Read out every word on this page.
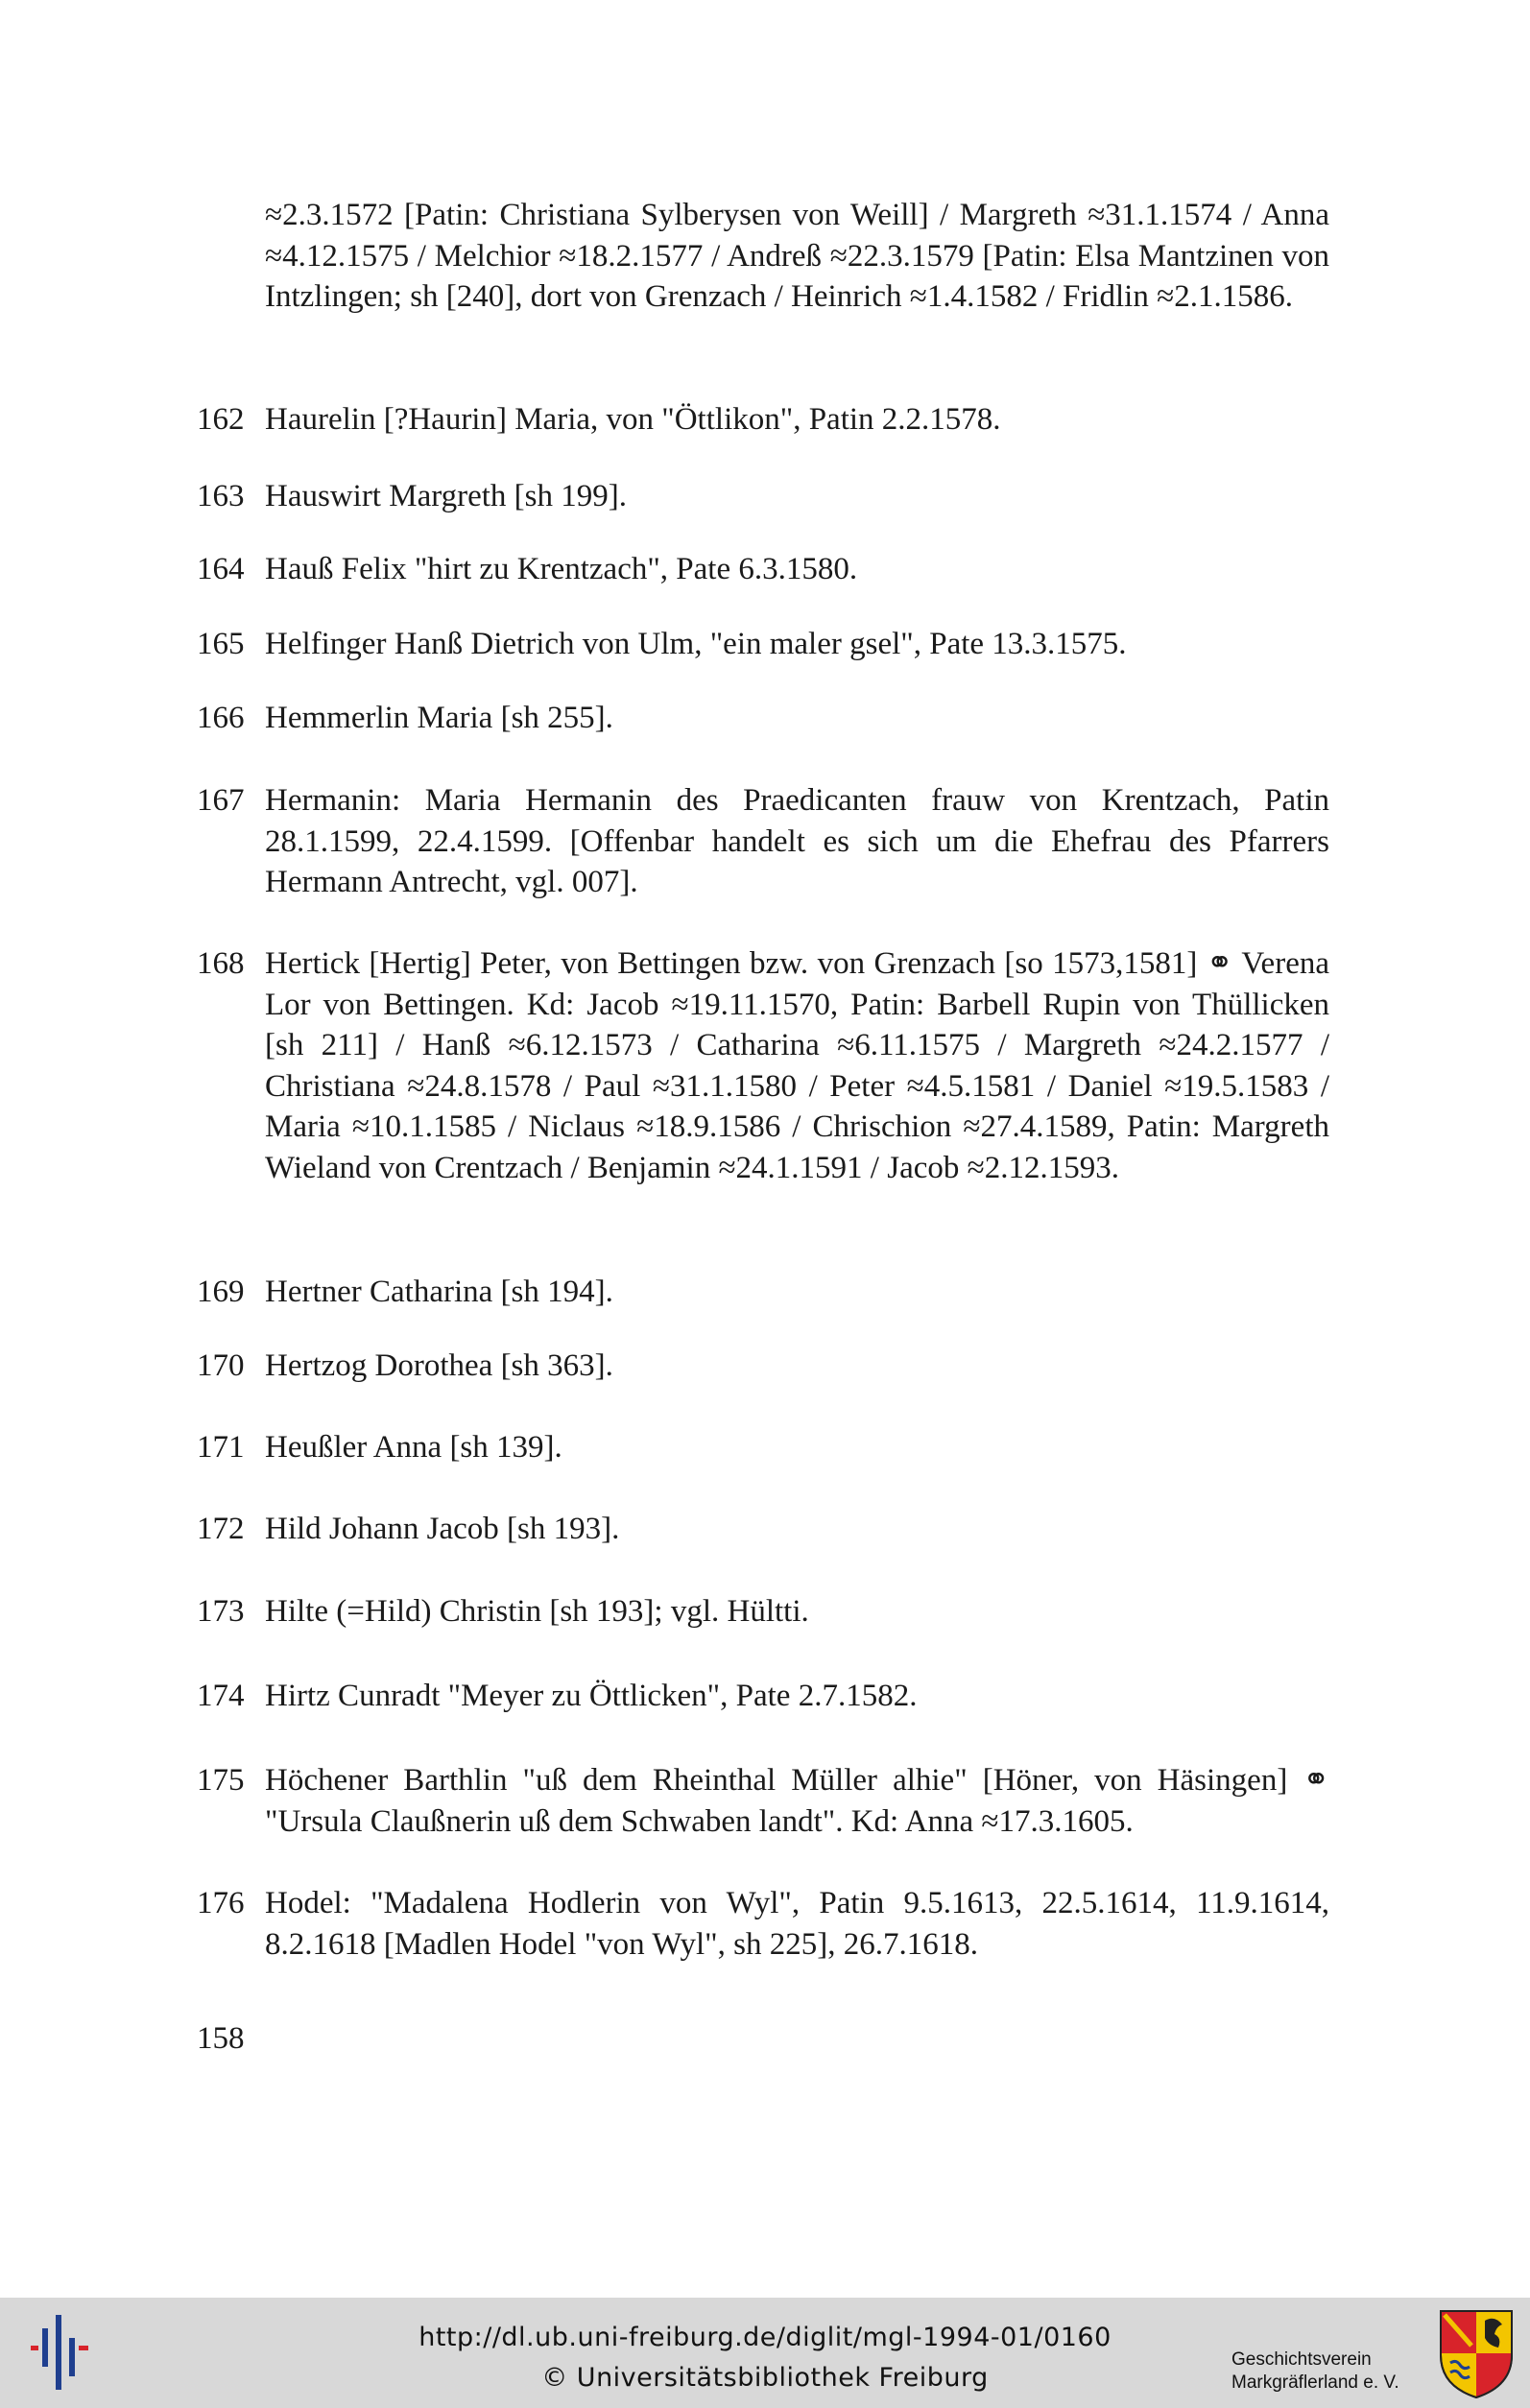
≈2.3.1572 [Patin: Christiana Sylberysen von Weill] / Margreth ≈31.1.1574 / Anna ≈4.12.1575 / Melchior ≈18.2.1577 / Andreß ≈22.3.1579 [Patin: Elsa Mantzinen von Intzlingen; sh [240], dort von Grenzach / Heinrich ≈1.4.1582 / Fridlin ≈2.1.1586.
162 Haurelin [?Haurin] Maria, von "Öttlikon", Patin 2.2.1578.
163 Hauswirt Margreth [sh 199].
164 Hauß Felix "hirt zu Krentzach", Pate 6.3.1580.
165 Helfinger Hanß Dietrich von Ulm, "ein maler gsel", Pate 13.3.1575.
166 Hemmerlin Maria [sh 255].
167 Hermanin: Maria Hermanin des Praedicanten frauw von Krentzach, Patin 28.1.1599, 22.4.1599. [Offenbar handelt es sich um die Ehefrau des Pfarrers Hermann Antrecht, vgl. 007].
168 Hertick [Hertig] Peter, von Bettingen bzw. von Grenzach [so 1573,1581] ⚭ Verena Lor von Bettingen. Kd: Jacob ≈19.11.1570, Patin: Barbell Rupin von Thüllicken [sh 211] / Hanß ≈6.12.1573 / Catharina ≈6.11.1575 / Margreth ≈24.2.1577 / Christiana ≈24.8.1578 / Paul ≈31.1.1580 / Peter ≈4.5.1581 / Daniel ≈19.5.1583 / Maria ≈10.1.1585 / Niclaus ≈18.9.1586 / Chrischion ≈27.4.1589, Patin: Margreth Wieland von Crentzach / Benjamin ≈24.1.1591 / Jacob ≈2.12.1593.
169 Hertner Catharina [sh 194].
170 Hertzog Dorothea [sh 363].
171 Heußler Anna [sh 139].
172 Hild Johann Jacob [sh 193].
173 Hilte (=Hild) Christin [sh 193]; vgl. Hültti.
174 Hirtz Cunradt "Meyer zu Öttlicken", Pate 2.7.1582.
175 Höchener Barthlin "uß dem Rheinthal Müller alhie" [Höner, von Häsingen] ⚭ "Ursula Claußnerin uß dem Schwaben landt". Kd: Anna ≈17.3.1605.
176 Hodel: "Madalena Hodlerin von Wyl", Patin 9.5.1613, 22.5.1614, 11.9.1614, 8.2.1618 [Madlen Hodel "von Wyl", sh 225], 26.7.1618.
158
http://dl.ub.uni-freiburg.de/diglit/mgl-1994-01/0160
© Universitätsbibliothek Freiburg
Geschichtsverein
Markgräflerland e. V.
